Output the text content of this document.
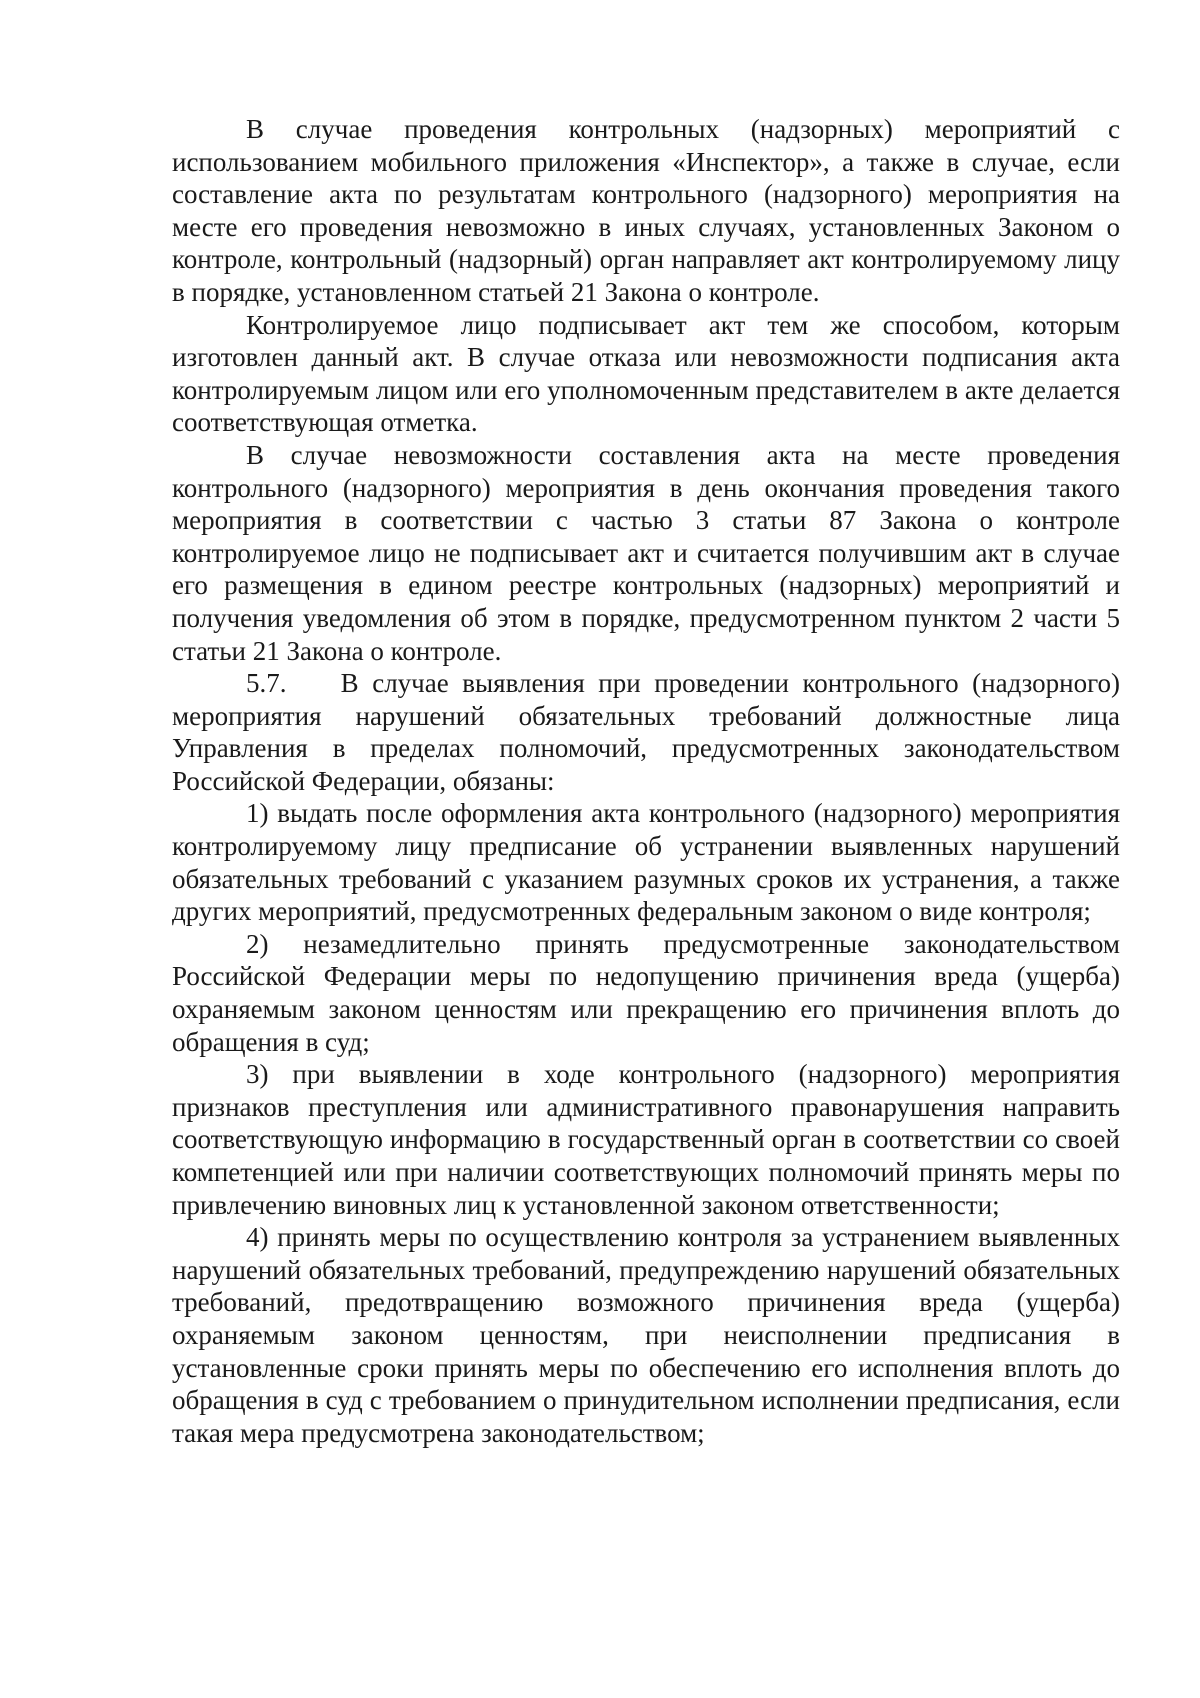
В случае проведения контрольных (надзорных) мероприятий с использованием мобильного приложения «Инспектор», а также в случае, если составление акта по результатам контрольного (надзорного) мероприятия на месте его проведения невозможно в иных случаях, установленных Законом о контроле, контрольный (надзорный) орган направляет акт контролируемому лицу в порядке, установленном статьей 21 Закона о контроле.

Контролируемое лицо подписывает акт тем же способом, которым изготовлен данный акт. В случае отказа или невозможности подписания акта контролируемым лицом или его уполномоченным представителем в акте делается соответствующая отметка.

В случае невозможности составления акта на месте проведения контрольного (надзорного) мероприятия в день окончания проведения такого мероприятия в соответствии с частью 3 статьи 87 Закона о контроле контролируемое лицо не подписывает акт и считается получившим акт в случае его размещения в едином реестре контрольных (надзорных) мероприятий и получения уведомления об этом в порядке, предусмотренном пунктом 2 части 5 статьи 21 Закона о контроле.

5.7.    В случае выявления при проведении контрольного (надзорного) мероприятия нарушений обязательных требований должностные лица Управления в пределах полномочий, предусмотренных законодательством Российской Федерации, обязаны:

1) выдать после оформления акта контрольного (надзорного) мероприятия контролируемому лицу предписание об устранении выявленных нарушений обязательных требований с указанием разумных сроков их устранения, а также других мероприятий, предусмотренных федеральным законом о виде контроля;

2) незамедлительно принять предусмотренные законодательством Российской Федерации меры по недопущению причинения вреда (ущерба) охраняемым законом ценностям или прекращению его причинения вплоть до обращения в суд;

3) при выявлении в ходе контрольного (надзорного) мероприятия признаков преступления или административного правонарушения направить соответствующую информацию в государственный орган в соответствии со своей компетенцией или при наличии соответствующих полномочий принять меры по привлечению виновных лиц к установленной законом ответственности;

4) принять меры по осуществлению контроля за устранением выявленных нарушений обязательных требований, предупреждению нарушений обязательных требований, предотвращению возможного причинения вреда (ущерба) охраняемым законом ценностям, при неисполнении предписания в установленные сроки принять меры по обеспечению его исполнения вплоть до обращения в суд с требованием о принудительном исполнении предписания, если такая мера предусмотрена законодательством;
